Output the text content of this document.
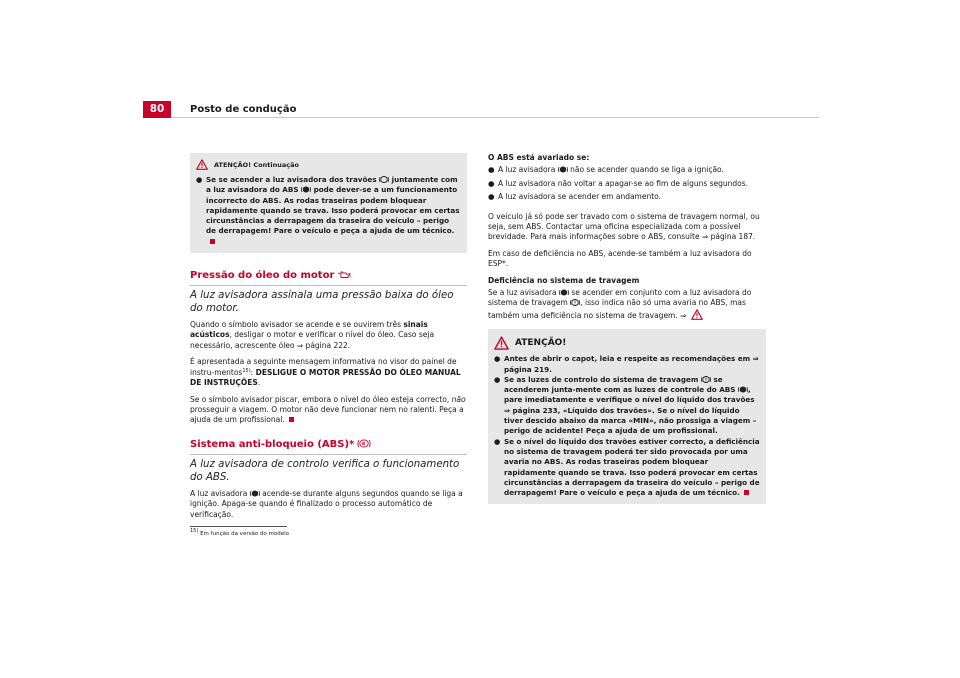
80	Posto de condução
ATENÇÃO! Continuação
● Se se acender a luz avisadora dos travões juntamente com a luz avisadora do ABS pode dever-se a um funcionamento incorrecto do ABS. As rodas traseiras podem bloquear rapidamente quando se trava. Isso poderá provocar em certas circunstâncias a derrapagem da traseira do veículo – perigo de derrapagem! Pare o veículo e peça a ajuda de um técnico.
Pressão do óleo do motor
A luz avisadora assinala uma pressão baixa do óleo do motor.

Quando o símbolo avisador se acende e se ouvirem três sinais acústicos, desligar o motor e verificar o nível do óleo. Caso seja necessário, acrescente óleo ⇒ página 222.

É apresentada a seguinte mensagem informativa no visor do painel de instru-mentos$^{15)}$: DESLIGUE O MOTOR PRESSÃO DO ÓLEO MANUAL DE INSTRUÇÕES.

Se o símbolo avisador piscar, embora o nível do óleo esteja correcto, não prosseguir a viagem. O motor não deve funcionar nem no ralenti. Peça a ajuda de um profissional.

Sistema anti-bloqueio (ABS)*
A luz avisadora de controlo verifica o funcionamento do ABS.

A luz avisadora acende-se durante alguns segundos quando se liga a ignição. Apaga-se quando é finalizado o processo automático de verificação.

$^{15)}$ Em função da versão do modelo

O ABS está avariado se:

● A luz avisadora não se acender quando se liga a ignição.
● A luz avisadora não voltar a apagar-se ao fim de alguns segundos.
● A luz avisadora se acender em andamento.

O veículo já só pode ser travado com o sistema de travagem normal, ou seja, sem ABS. Contactar uma oficina especializada com a possível brevidade. Para mais informações sobre o ABS, consulte ⇒ página 187.

Em caso de deficiência no ABS, acende-se também a luz avisadora do ESP*.

Deficiência no sistema de travagem

Se a luz avisadora se acender em conjunto com a luz avisadora do sistema de travagem , isso indica não só uma avaria no ABS, mas também uma deficiência no sistema de travagem. ⇒

ATENÇÃO!
● Antes de abrir o capot, leia e respeite as recomendações em ⇒ página 219.
● Se as luzes de controlo do sistema de travagem se acenderem junta-mente com as luzes de controle do ABS , pare imediatamente e verifique o nível do líquido dos travões ⇒ página 233, «Líquido dos travões». Se o nível do líquido tiver descido abaixo da marca «MIN», não prossiga a viagem – perigo de acidente! Peça a ajuda de um profissional.
● Se o nível do líquido dos travões estiver correcto, a deficiência no sistema de travagem poderá ter sido provocada por uma avaria no ABS. As rodas traseiras podem bloquear rapidamente quando se trava. Isso poderá provocar em certas circunstâncias a derrapagem da traseira do veículo – perigo de derrapagem! Pare o veículo e peça a ajuda de um técnico.
